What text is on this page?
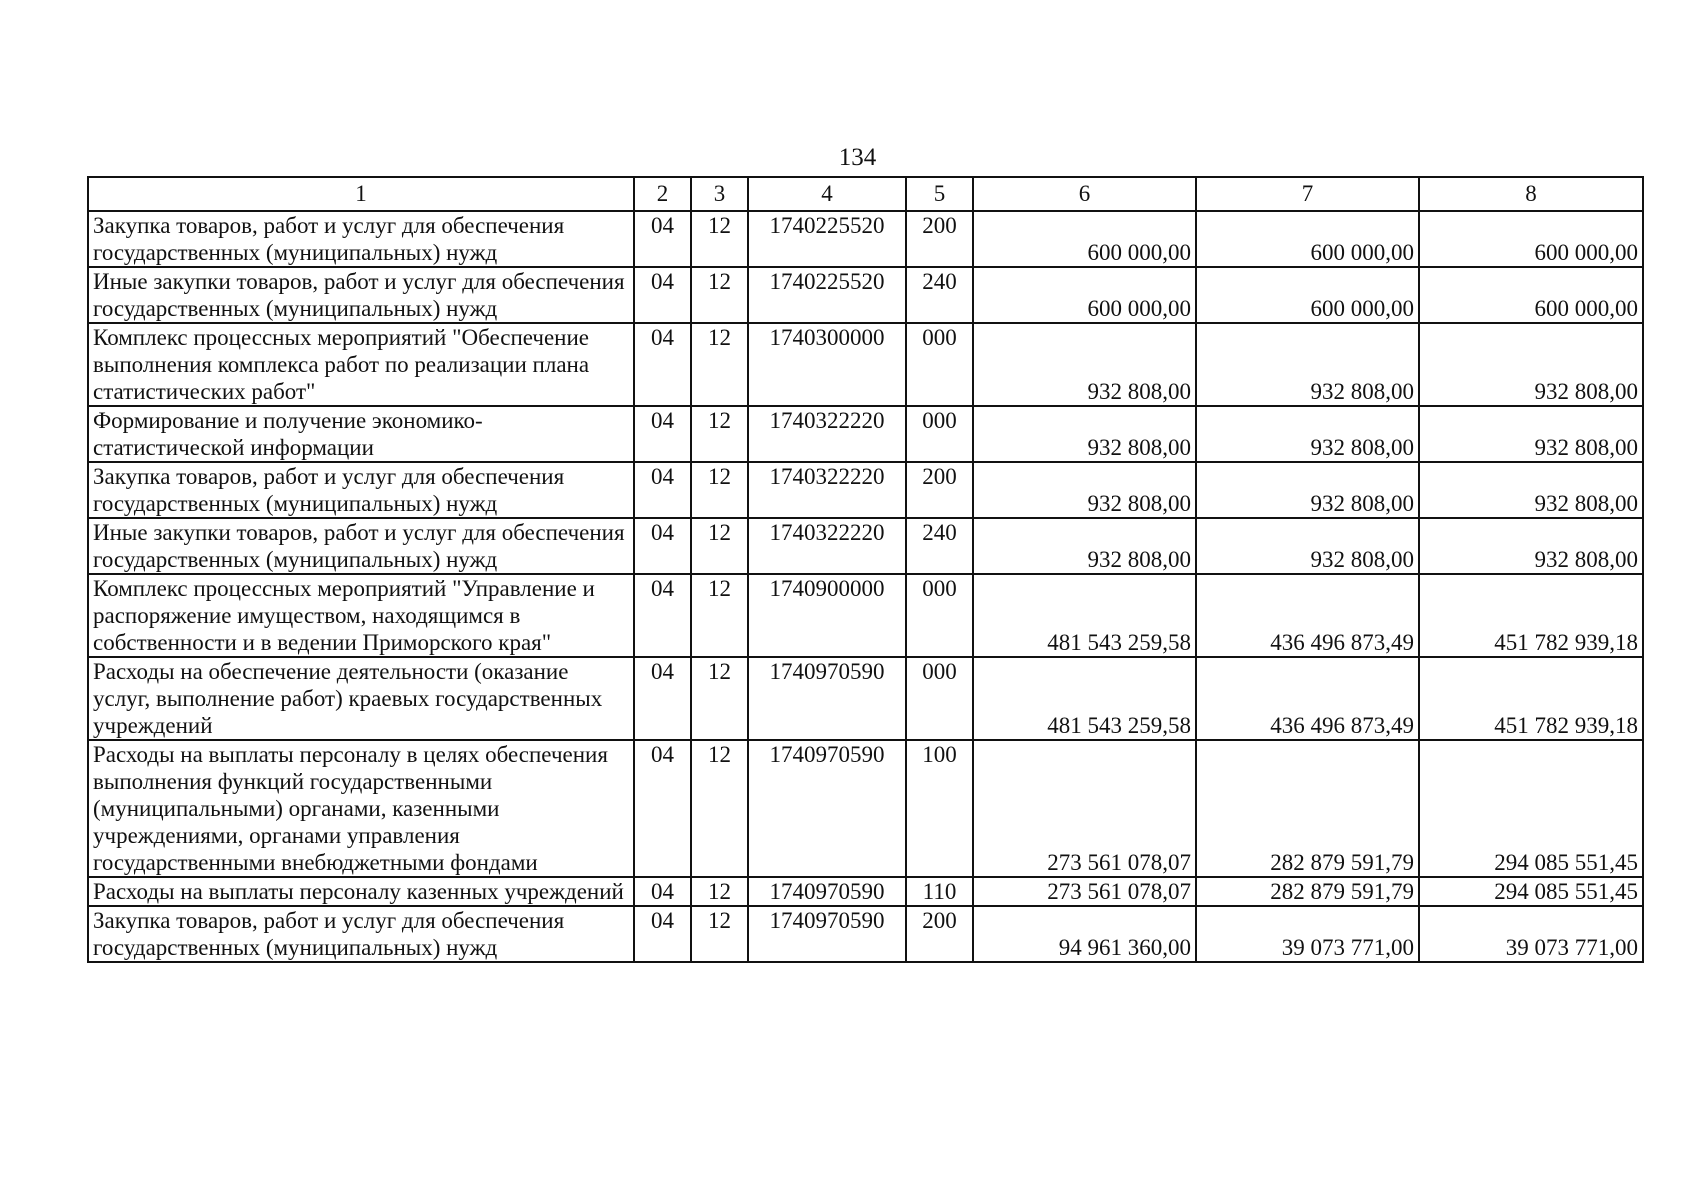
134
1	2	3	4	5	6	7	8
Закупка товаров, работ и услуг для обеспечения государственных (муниципальных) нужд	04	12	1740225520	200	600 000,00	600 000,00	600 000,00
Иные закупки товаров, работ и услуг для обеспечения государственных (муниципальных) нужд	04	12	1740225520	240	600 000,00	600 000,00	600 000,00
Комплекс процессных мероприятий "Обеспечение выполнения комплекса работ по реализации плана статистических работ"	04	12	1740300000	000	932 808,00	932 808,00	932 808,00
Формирование и получение экономико-статистической информации	04	12	1740322220	000	932 808,00	932 808,00	932 808,00
Закупка товаров, работ и услуг для обеспечения государственных (муниципальных) нужд	04	12	1740322220	200	932 808,00	932 808,00	932 808,00
Иные закупки товаров, работ и услуг для обеспечения государственных (муниципальных) нужд	04	12	1740322220	240	932 808,00	932 808,00	932 808,00
Комплекс процессных мероприятий "Управление и распоряжение имуществом, находящимся в собственности и в ведении Приморского края"	04	12	1740900000	000	481 543 259,58	436 496 873,49	451 782 939,18
Расходы на обеспечение деятельности (оказание услуг, выполнение работ) краевых государственных учреждений	04	12	1740970590	000	481 543 259,58	436 496 873,49	451 782 939,18
Расходы на выплаты персоналу в целях обеспечения выполнения функций государственными (муниципальными) органами, казенными учреждениями, органами управления государственными внебюджетными фондами	04	12	1740970590	100	273 561 078,07	282 879 591,79	294 085 551,45
Расходы на выплаты персоналу казенных учреждений	04	12	1740970590	110	273 561 078,07	282 879 591,79	294 085 551,45
Закупка товаров, работ и услуг для обеспечения государственных (муниципальных) нужд	04	12	1740970590	200	94 961 360,00	39 073 771,00	39 073 771,00
